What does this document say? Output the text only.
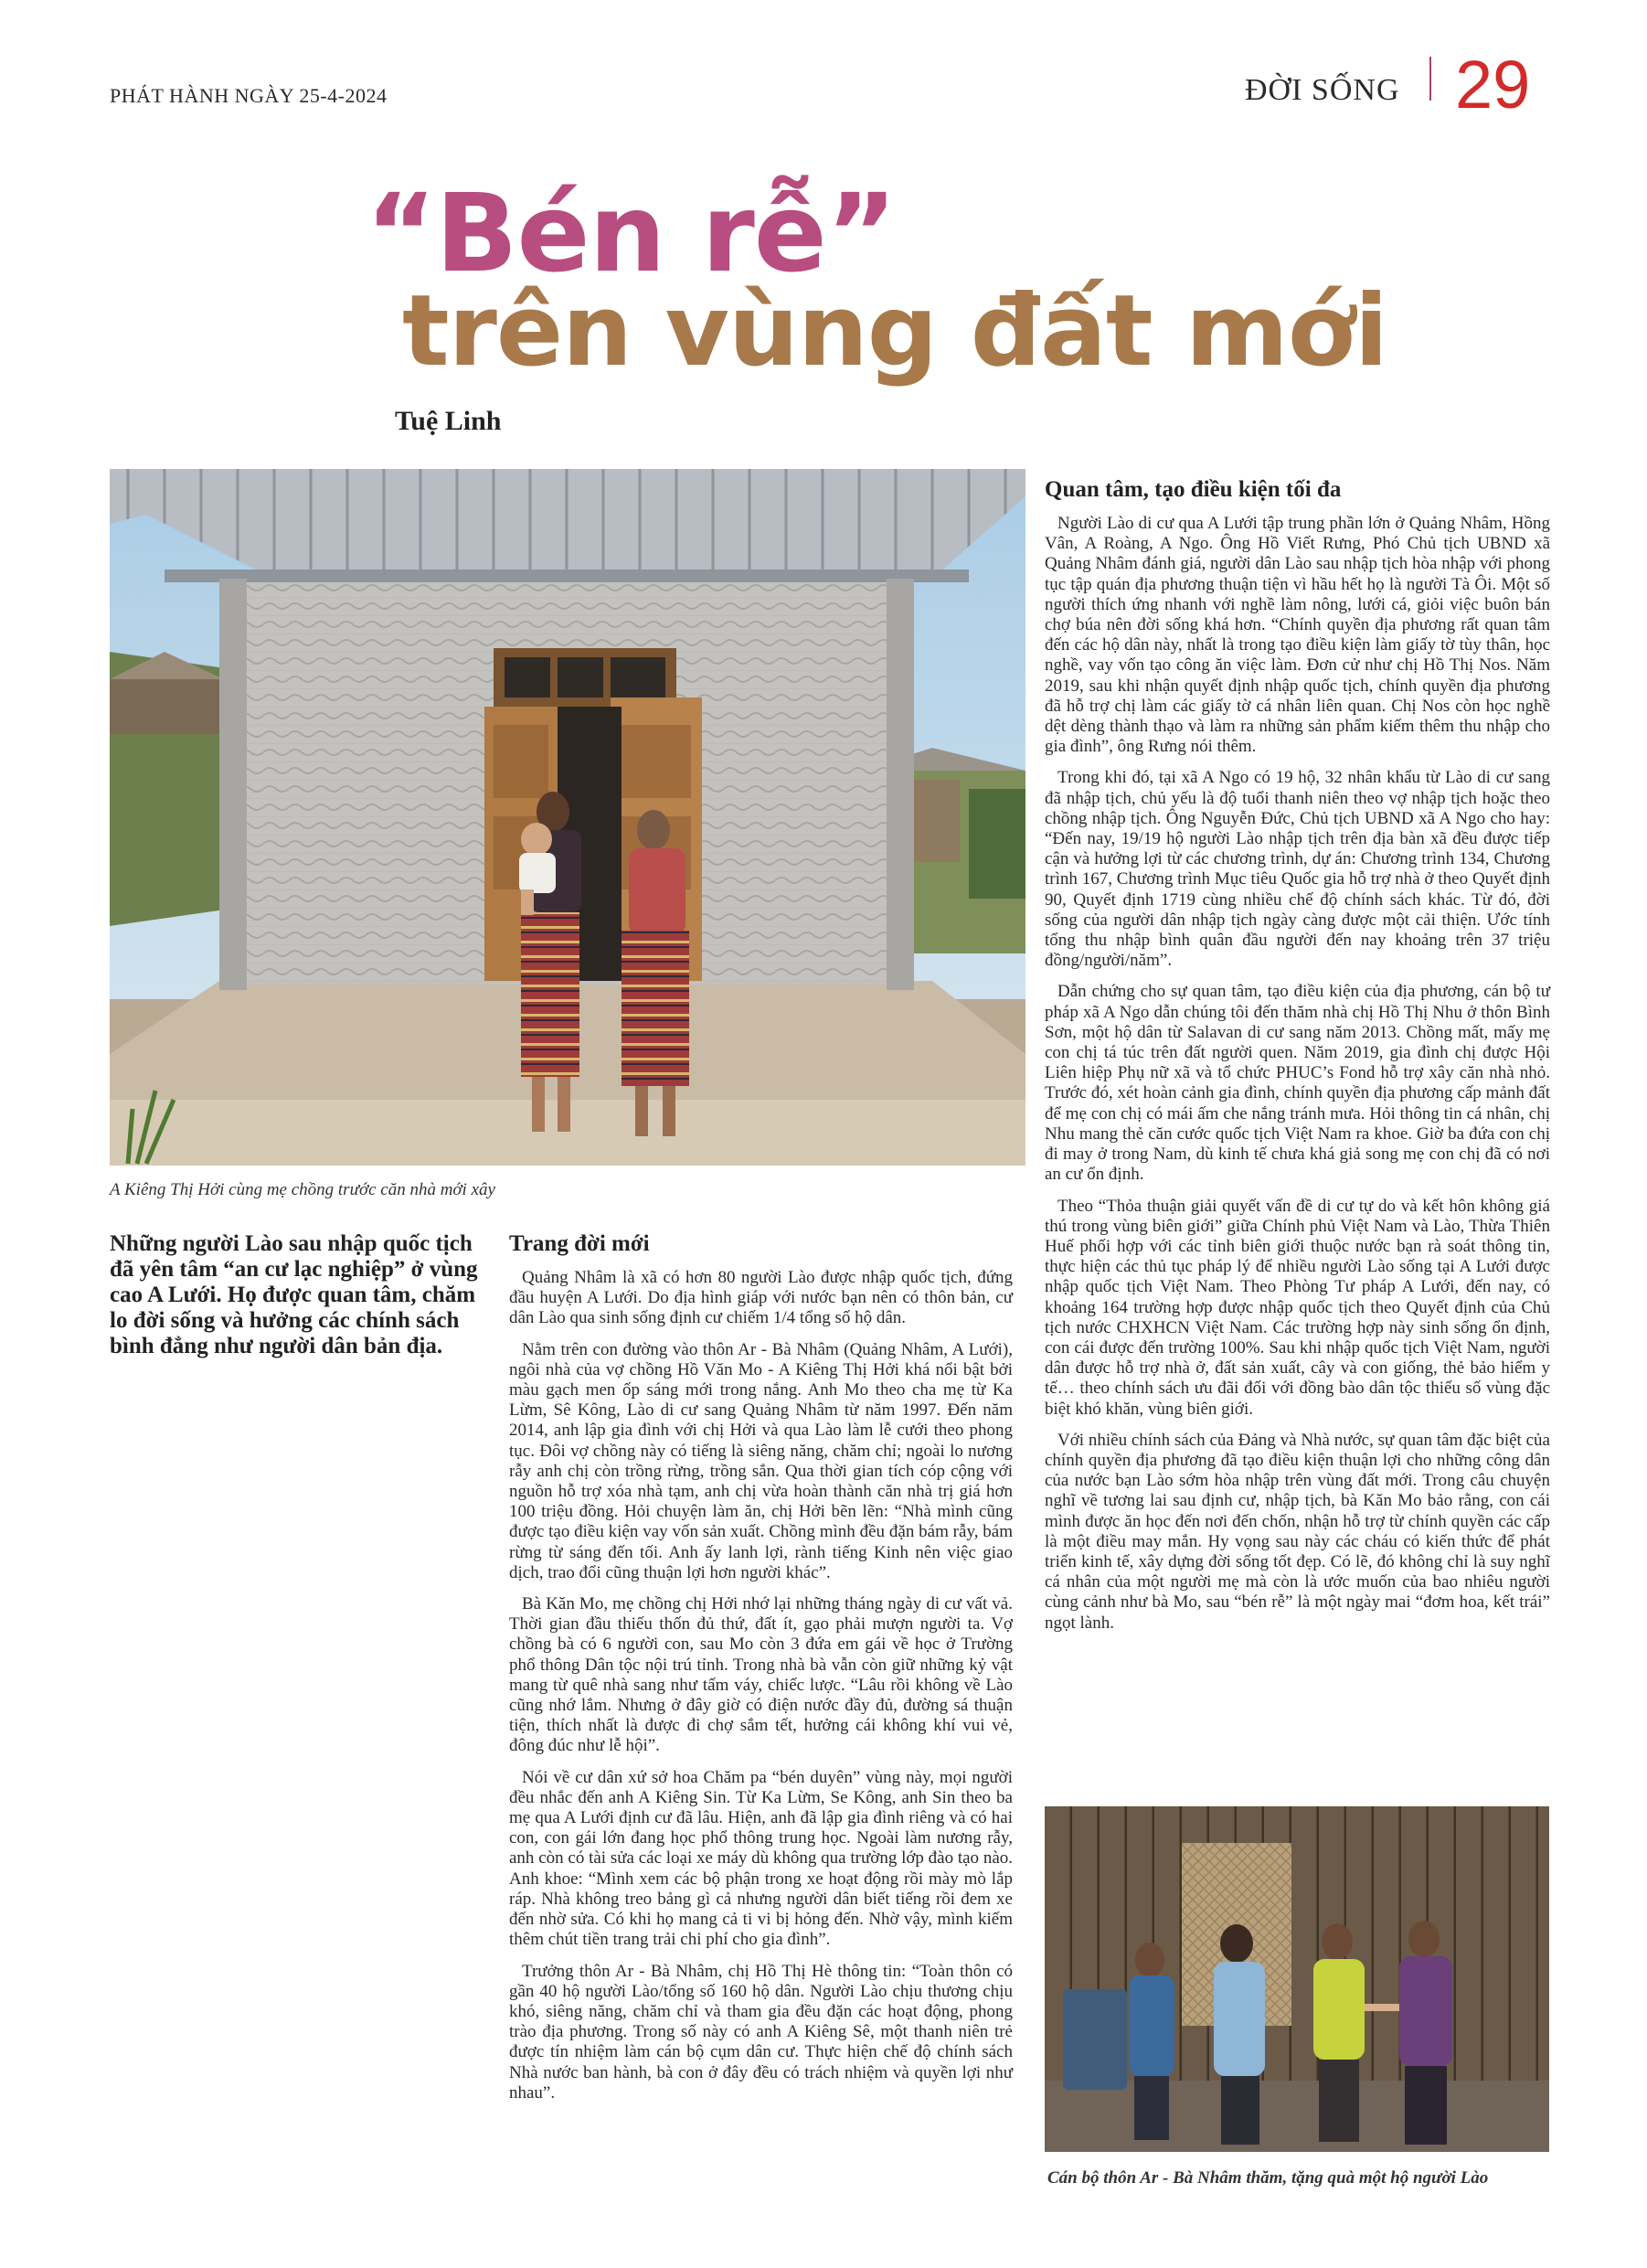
PHÁT HÀNH NGÀY 25-4-2024	ĐỜI SỐNG 29
“Bén rễ”
trên vùng đất mới
Tuệ Linh
A Kiêng Thị Hởi cùng mẹ chồng trước căn nhà mới xây
Những người Lào sau nhập quốc tịch đã yên tâm “an cư lạc nghiệp” ở vùng cao A Lưới. Họ được quan tâm, chăm lo đời sống và hưởng các chính sách bình đẳng như người dân bản địa.
Trang đời mới

Quảng Nhâm là xã có hơn 80 người Lào được nhập quốc tịch, đứng đầu huyện A Lưới. Do địa hình giáp với nước bạn nên có thôn bản, cư dân Lào qua sinh sống định cư chiếm 1/4 tổng số hộ dân.

Nằm trên con đường vào thôn Ar - Bà Nhâm (Quảng Nhâm, A Lưới), ngôi nhà của vợ chồng Hồ Văn Mo - A Kiêng Thị Hởi khá nổi bật bởi màu gạch men ốp sáng mới trong nắng. Anh Mo theo cha mẹ từ Ka Lừm, Sê Kông, Lào di cư sang Quảng Nhâm từ năm 1997. Đến năm 2014, anh lập gia đình với chị Hởi và qua Lào làm lễ cưới theo phong tục. Đôi vợ chồng này có tiếng là siêng năng, chăm chỉ; ngoài lo nương rẫy anh chị còn trồng rừng, trồng sắn. Qua thời gian tích cóp cộng với nguồn hỗ trợ xóa nhà tạm, anh chị vừa hoàn thành căn nhà trị giá hơn 100 triệu đồng. Hỏi chuyện làm ăn, chị Hởi bẽn lẽn: “Nhà mình cũng được tạo điều kiện vay vốn sản xuất. Chồng mình đều đặn bám rẫy, bám rừng từ sáng đến tối. Anh ấy lanh lợi, rành tiếng Kinh nên việc giao dịch, trao đổi cũng thuận lợi hơn người khác”.

Bà Kăn Mo, mẹ chồng chị Hởi nhớ lại những tháng ngày di cư vất vả. Thời gian đầu thiếu thốn đủ thứ, đất ít, gạo phải mượn người ta. Vợ chồng bà có 6 người con, sau Mo còn 3 đứa em gái về học ở Trường phổ thông Dân tộc nội trú tỉnh. Trong nhà bà vẫn còn giữ những kỷ vật mang từ quê nhà sang như tấm váy, chiếc lược. “Lâu rồi không về Lào cũng nhớ lắm. Nhưng ở đây giờ có điện nước đầy đủ, đường sá thuận tiện, thích nhất là được đi chợ sắm tết, hưởng cái không khí vui vẻ, đông đúc như lễ hội”.

Nói về cư dân xứ sở hoa Chăm pa “bén duyên” vùng này, mọi người đều nhắc đến anh A Kiêng Sin. Từ Ka Lừm, Se Kông, anh Sin theo ba mẹ qua A Lưới định cư đã lâu. Hiện, anh đã lập gia đình riêng và có hai con, con gái lớn đang học phổ thông trung học. Ngoài làm nương rẫy, anh còn có tài sửa các loại xe máy dù không qua trường lớp đào tạo nào. Anh khoe: “Mình xem các bộ phận trong xe hoạt động rồi mày mò lắp ráp. Nhà không treo bảng gì cả nhưng người dân biết tiếng rồi đem xe đến nhờ sửa. Có khi họ mang cả ti vi bị hỏng đến. Nhờ vậy, mình kiếm thêm chút tiền trang trải chi phí cho gia đình”.

Trưởng thôn Ar - Bà Nhâm, chị Hồ Thị Hè thông tin: “Toàn thôn có gần 40 hộ người Lào/tổng số 160 hộ dân. Người Lào chịu thương chịu khó, siêng năng, chăm chỉ và tham gia đều đặn các hoạt động, phong trào địa phương. Trong số này có anh A Kiêng Sê, một thanh niên trẻ được tín nhiệm làm cán bộ cụm dân cư. Thực hiện chế độ chính sách Nhà nước ban hành, bà con ở đây đều có trách nhiệm và quyền lợi như nhau”.

Quan tâm, tạo điều kiện tối đa

Người Lào di cư qua A Lưới tập trung phần lớn ở Quảng Nhâm, Hồng Vân, A Roàng, A Ngo. Ông Hồ Viết Rưng, Phó Chủ tịch UBND xã Quảng Nhâm đánh giá, người dân Lào sau nhập tịch hòa nhập với phong tục tập quán địa phương thuận tiện vì hầu hết họ là người Tà Ôi. Một số người thích ứng nhanh với nghề làm nông, lưới cá, giỏi việc buôn bán chợ búa nên đời sống khá hơn. “Chính quyền địa phương rất quan tâm đến các hộ dân này, nhất là trong tạo điều kiện làm giấy tờ tùy thân, học nghề, vay vốn tạo công ăn việc làm. Đơn cử như chị Hồ Thị Nos. Năm 2019, sau khi nhận quyết định nhập quốc tịch, chính quyền địa phương đã hỗ trợ chị làm các giấy tờ cá nhân liên quan. Chị Nos còn học nghề dệt dèng thành thạo và làm ra những sản phẩm kiếm thêm thu nhập cho gia đình”, ông Rưng nói thêm.

Trong khi đó, tại xã A Ngo có 19 hộ, 32 nhân khẩu từ Lào di cư sang đã nhập tịch, chủ yếu là độ tuổi thanh niên theo vợ nhập tịch hoặc theo chồng nhập tịch. Ông Nguyễn Đức, Chủ tịch UBND xã A Ngo cho hay: “Đến nay, 19/19 hộ người Lào nhập tịch trên địa bàn xã đều được tiếp cận và hưởng lợi từ các chương trình, dự án: Chương trình 134, Chương trình 167, Chương trình Mục tiêu Quốc gia hỗ trợ nhà ở theo Quyết định 90, Quyết định 1719 cùng nhiều chế độ chính sách khác. Từ đó, đời sống của người dân nhập tịch ngày càng được một cải thiện. Ước tính tổng thu nhập bình quân đầu người đến nay khoảng trên 37 triệu đồng/người/năm”.

Dẫn chứng cho sự quan tâm, tạo điều kiện của địa phương, cán bộ tư pháp xã A Ngo dẫn chúng tôi đến thăm nhà chị Hồ Thị Nhu ở thôn Bình Sơn, một hộ dân từ Salavan di cư sang năm 2013. Chồng mất, mấy mẹ con chị tá túc trên đất người quen. Năm 2019, gia đình chị được Hội Liên hiệp Phụ nữ xã và tổ chức PHUC’s Fond hỗ trợ xây căn nhà nhỏ. Trước đó, xét hoàn cảnh gia đình, chính quyền địa phương cấp mảnh đất để mẹ con chị có mái ấm che nắng tránh mưa. Hỏi thông tin cá nhân, chị Nhu mang thẻ căn cước quốc tịch Việt Nam ra khoe. Giờ ba đứa con chị đi may ở trong Nam, dù kinh tế chưa khá giả song mẹ con chị đã có nơi an cư ổn định.

Theo “Thỏa thuận giải quyết vấn đề di cư tự do và kết hôn không giá thú trong vùng biên giới” giữa Chính phủ Việt Nam và Lào, Thừa Thiên Huế phối hợp với các tỉnh biên giới thuộc nước bạn rà soát thông tin, thực hiện các thủ tục pháp lý để nhiều người Lào sống tại A Lưới được nhập quốc tịch Việt Nam. Theo Phòng Tư pháp A Lưới, đến nay, có khoảng 164 trường hợp được nhập quốc tịch theo Quyết định của Chủ tịch nước CHXHCN Việt Nam. Các trường hợp này sinh sống ổn định, con cái được đến trường 100%. Sau khi nhập quốc tịch Việt Nam, người dân được hỗ trợ nhà ở, đất sản xuất, cây và con giống, thẻ bảo hiểm y tế… theo chính sách ưu đãi đối với đồng bào dân tộc thiểu số vùng đặc biệt khó khăn, vùng biên giới.

Với nhiều chính sách của Đảng và Nhà nước, sự quan tâm đặc biệt của chính quyền địa phương đã tạo điều kiện thuận lợi cho những công dân của nước bạn Lào sớm hòa nhập trên vùng đất mới. Trong câu chuyện nghĩ về tương lai sau định cư, nhập tịch, bà Kăn Mo bảo rằng, con cái mình được ăn học đến nơi đến chốn, nhận hỗ trợ từ chính quyền các cấp là một điều may mắn. Hy vọng sau này các cháu có kiến thức để phát triển kinh tế, xây dựng đời sống tốt đẹp. Có lẽ, đó không chỉ là suy nghĩ cá nhân của một người mẹ mà còn là ước muốn của bao nhiêu người cùng cảnh như bà Mo, sau “bén rễ” là một ngày mai “đơm hoa, kết trái” ngọt lành.

Cán bộ thôn Ar - Bà Nhâm thăm, tặng quà một hộ người Lào
